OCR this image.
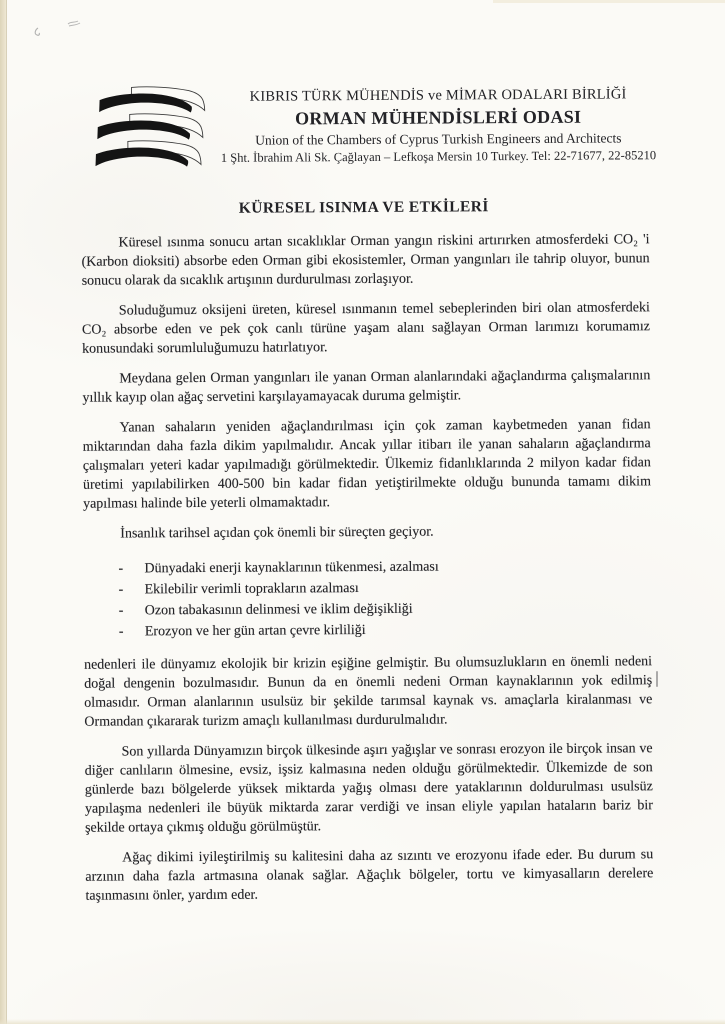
KIBRIS TÜRK MÜHENDİS ve MİMAR ODALARI BİRLİĞİ
ORMAN MÜHENDİSLERİ ODASI
Union of the Chambers of Cyprus Turkish Engineers and Architects
1 Şht. İbrahim Ali Sk. Çağlayan – Lefkoşa Mersin 10 Turkey. Tel: 22-71677, 22-85210
KÜRESEL ISINMA VE ETKİLERİ

Küresel ısınma sonucu artan sıcaklıklar Orman yangın riskini artırırken atmosferdeki CO₂ 'i (Karbon dioksiti) absorbe eden Orman gibi ekosistemler, Orman yangınları ile tahrip oluyor, bunun sonucu olarak da sıcaklık artışının durdurulması zorlaşıyor.

Soluduğumuz oksijeni üreten, küresel ısınmanın temel sebeplerinden biri olan atmosferdeki CO₂ absorbe eden ve pek çok canlı türüne yaşam alanı sağlayan Orman larımızı korumamız konusundaki sorumluluğumuzu hatırlatıyor.

Meydana gelen Orman yangınları ile yanan Orman alanlarındaki ağaçlandırma çalışmalarının yıllık kayıp olan ağaç servetini karşılayamayacak duruma gelmiştir.

Yanan sahaların yeniden ağaçlandırılması için çok zaman kaybetmeden yanan fidan miktarından daha fazla dikim yapılmalıdır. Ancak yıllar itibarı ile yanan sahaların ağaçlandırma çalışmaları yeteri kadar yapılmadığı görülmektedir. Ülkemiz fidanlıklarında 2 milyon kadar fidan üretimi yapılabilirken 400-500 bin kadar fidan yetiştirilmekte olduğu bununda tamamı dikim yapılması halinde bile yeterli olmamaktadır.

İnsanlık tarihsel açıdan çok önemli bir süreçten geçiyor.

-	Dünyadaki enerji kaynaklarının tükenmesi, azalması
-	Ekilebilir verimli toprakların azalması
-	Ozon tabakasının delinmesi ve iklim değişikliği
-	Erozyon ve her gün artan çevre kirliliği

nedenleri ile dünyamız ekolojik bir krizin eşiğine gelmiştir. Bu olumsuzlukların en önemli nedeni doğal dengenin bozulmasıdır. Bunun da en önemli nedeni Orman kaynaklarının yok edilmiş olmasıdır. Orman alanlarının usulsüz bir şekilde tarımsal kaynak vs. amaçlarla kiralanması ve Ormandan çıkararak turizm amaçlı kullanılması durdurulmalıdır.

Son yıllarda Dünyamızın birçok ülkesinde aşırı yağışlar ve sonrası erozyon ile birçok insan ve diğer canlıların ölmesine, evsiz, işsiz kalmasına neden olduğu görülmektedir. Ülkemizde de son günlerde bazı bölgelerde yüksek miktarda yağış olması dere yataklarının doldurulması usulsüz yapılaşma nedenleri ile büyük miktarda zarar verdiği ve insan eliyle yapılan hataların bariz bir şekilde ortaya çıkmış olduğu görülmüştür.

Ağaç dikimi iyileştirilmiş su kalitesini daha az sızıntı ve erozyonu ifade eder. Bu durum su arzının daha fazla artmasına olanak sağlar. Ağaçlık bölgeler, tortu ve kimyasalların derelere taşınmasını önler, yardım eder.
